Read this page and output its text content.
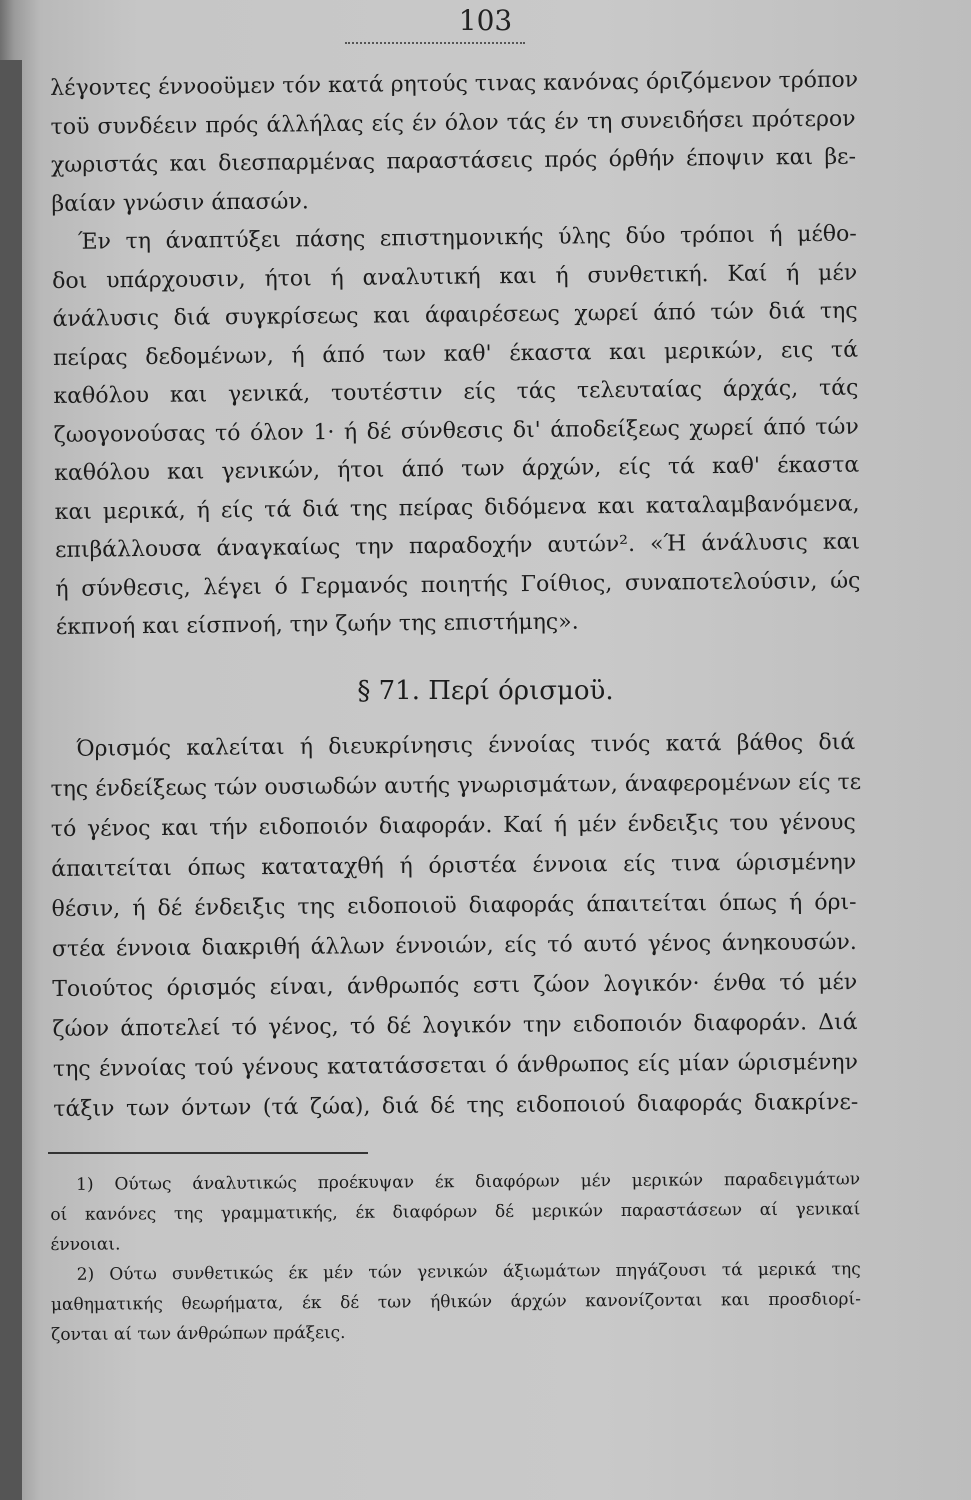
103
λέγοντες έννοοϋμεν τόν κατά ρητούς τινας κανόνας όριζόμενον τρόπον
τοϋ συνδέειν πρός άλλήλας είς έν όλον τάς έν τη συνειδήσει πρότερον
χωριστάς και διεσπαρμένας παραστάσεις πρός όρθήν έποψιν και βε-
βαίαν γνώσιν άπασών.
Έν τη άναπτύξει πάσης επιστημονικής ύλης δύο τρόποι ή μέθο-
δοι υπάρχουσιν, ήτοι ή αναλυτική και ή συνθετική. Καί ή μέν
άνάλυσις διά συγκρίσεως και άφαιρέσεως χωρεί άπό τών διά της
πείρας δεδομένων, ή άπό των καθ' έκαστα και μερικών, εις τά
καθόλου και γενικά, τουτέστιν είς τάς τελευταίας άρχάς, τάς
ζωογονούσας τό όλον 1· ή δέ σύνθεσις δι' άποδείξεως χωρεί άπό τών
καθόλου και γενικών, ήτοι άπό των άρχών, είς τά καθ' έκαστα
και μερικά, ή είς τά διά της πείρας διδόμενα και καταλαμβανόμενα,
επιβάλλουσα άναγκαίως την παραδοχήν αυτών². «Ή άνάλυσις και
ή σύνθεσις, λέγει ό Γερμανός ποιητής Γοίθιος, συναποτελούσιν, ώς
έκπνοή και είσπνοή, την ζωήν της επιστήμης».
§ 71. Περί όρισμοϋ.
Όρισμός καλείται ή διευκρίνησις έννοίας τινός κατά βάθος διά
της ένδείξεως τών ουσιωδών αυτής γνωρισμάτων, άναφερομένων είς τε
τό γένος και τήν ειδοποιόν διαφοράν. Καί ή μέν ένδειξις του γένους
άπαιτείται όπως καταταχθή ή όριστέα έννοια είς τινα ώρισμένην
θέσιν, ή δέ ένδειξις της ειδοποιοϋ διαφοράς άπαιτείται όπως ή όρι-
στέα έννοια διακριθή άλλων έννοιών, είς τό αυτό γένος άνηκουσών.
Τοιούτος όρισμός είναι, άνθρωπός εστι ζώον λογικόν· ένθα τό μέν
ζώον άποτελεί τό γένος, τό δέ λογικόν την ειδοποιόν διαφοράν. Διά
της έννοίας τού γένους κατατάσσεται ό άνθρωπος είς μίαν ώρισμένην
τάξιν των όντων (τά ζώα), διά δέ της ειδοποιού διαφοράς διακρίνε-
1) Ούτως άναλυτικώς προέκυψαν έκ διαφόρων μέν μερικών παραδειγμάτων
οί κανόνες της γραμματικής, έκ διαφόρων δέ μερικών παραστάσεων αί γενικαί
έννοιαι.
2) Ούτω συνθετικώς έκ μέν τών γενικών άξιωμάτων πηγάζουσι τά μερικά της
μαθηματικής θεωρήματα, έκ δέ των ήθικών άρχών κανονίζονται και προσδιορί-
ζονται αί των άνθρώπων πράξεις.
